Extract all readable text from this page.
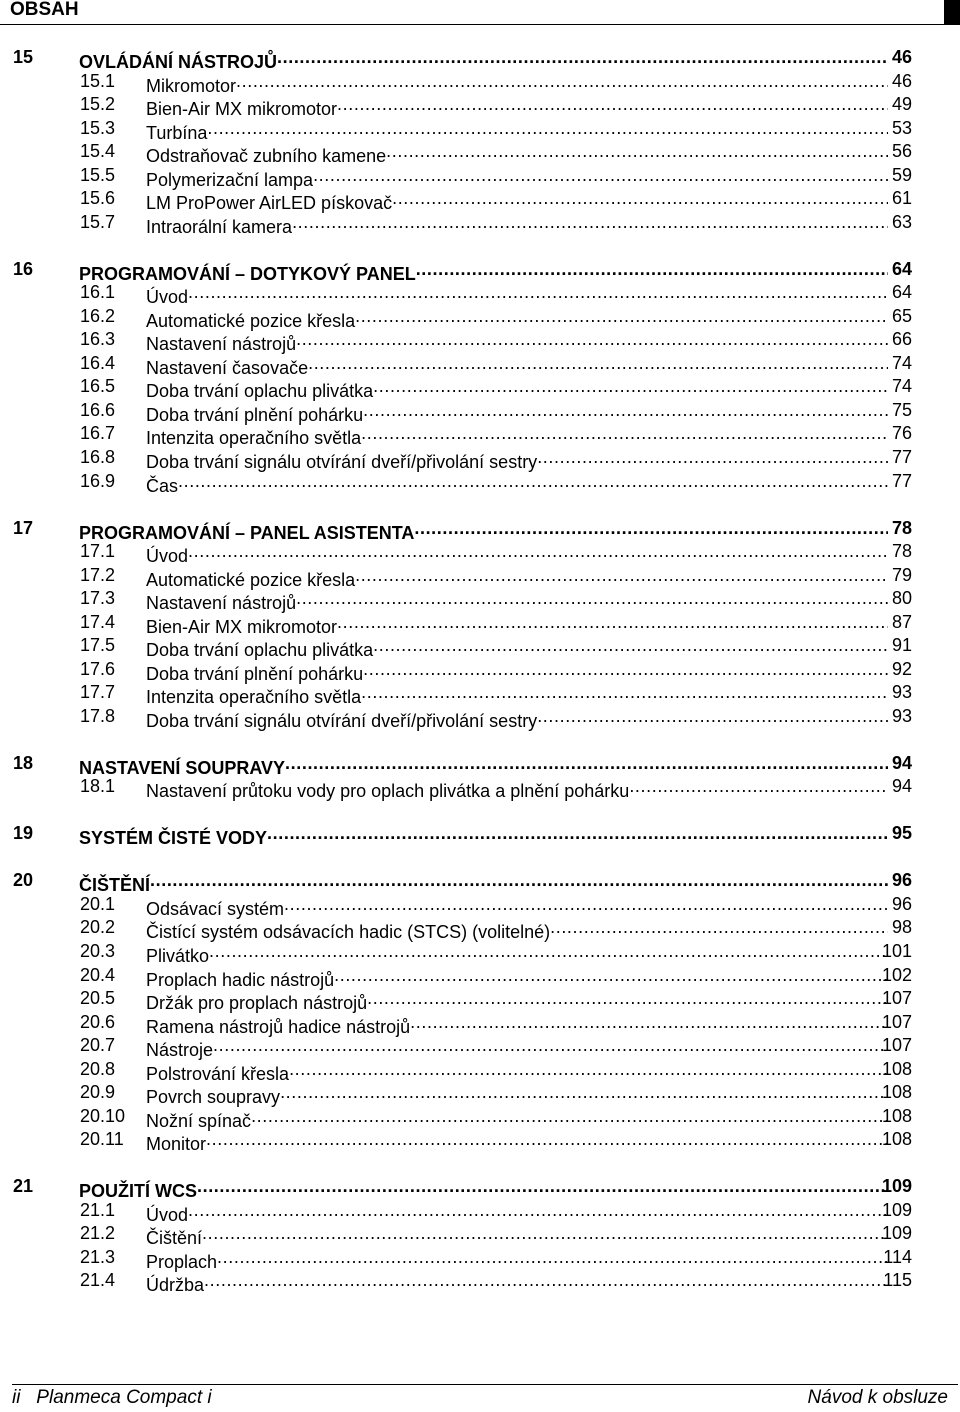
OBSAH
15	OVLÁDÁNÍ NÁSTROJŮ . . .	46
15.1 Mikromotor . . .	46
15.2 Bien-Air MX mikromotor . . .	49
15.3 Turbína . . .	53
15.4 Odstraňovač zubního kamene . . .	56
15.5 Polymerizační lampa . . .	59
15.6 LM ProPower AirLED pískovač . . .	61
15.7 Intraorální kamera . . .	63
16	PROGRAMOVÁNÍ – DOTYKOVÝ PANEL . . .	64
16.1 Úvod . . .	64
16.2 Automatické pozice křesla . . .	65
16.3 Nastavení nástrojů . . .	66
16.4 Nastavení časovače . . .	74
16.5 Doba trvání oplachu plivátka . . .	74
16.6 Doba trvání plnění pohárku . . .	75
16.7 Intenzita operačního světla . . .	76
16.8 Doba trvání signálu otvírání dveří/přivolání sestry . . .	77
16.9 Čas . . .	77
17	PROGRAMOVÁNÍ – PANEL ASISTENTA . . .	78
17.1 Úvod . . .	78
17.2 Automatické pozice křesla . . .	79
17.3 Nastavení nástrojů . . .	80
17.4 Bien-Air MX mikromotor . . .	87
17.5 Doba trvání oplachu plivátka . . .	91
17.6 Doba trvání plnění pohárku . . .	92
17.7 Intenzita operačního světla . . .	93
17.8 Doba trvání signálu otvírání dveří/přivolání sestry . . .	93
18	NASTAVENÍ SOUPRAVY . . .	94
18.1 Nastavení průtoku vody pro oplach plivátka a plnění pohárku . . .	94
19	SYSTÉM ČISTÉ VODY . . .	95
20	ČIŠTĚNÍ . . .	96
20.1 Odsávací systém . . .	96
20.2 Čistící systém odsávacích hadic (STCS) (volitelné) . . .	98
20.3 Plivátko . . .	101
20.4 Proplach hadic nástrojů . . .	102
20.5 Držák pro proplach nástrojů . . .	107
20.6 Ramena nástrojů hadice nástrojů . . .	107
20.7 Nástroje . . .	107
20.8 Polstrování křesla . . .	108
20.9 Povrch soupravy . . .	108
20.10 Nožní spínač . . .	108
20.11 Monitor . . .	108
21	POUŽITÍ WCS . . .	109
21.1 Úvod . . .	109
21.2 Čištění . . .	109
21.3 Proplach . . .	114
21.4 Údržba . . .	115
ii Planmeca Compact i	Návod k obsluze
